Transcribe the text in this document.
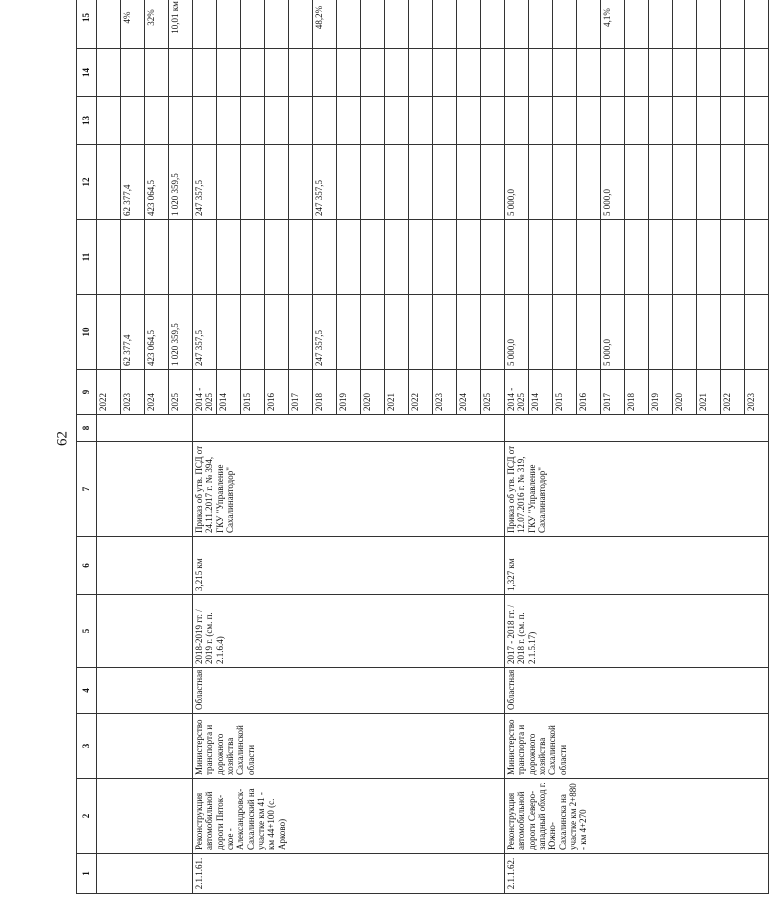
62
1	2	3	4	5	6	7	8	9	10	11	12	13	14	15
								2022						
								2023	62 377,4		62 377,4			4%
								2024	423 064,5		423 064,5			32%
								2025	1 020 359,5		1 020 359,5			10,01 км
2.1.1.61.	Реконструкция автомобильной дороги Пяток-ское - Александровск-Сахалинский на участке км 41 - км 44+100 (с. Арково)	Министерство транспорта и дорожного хозяйства Сахалинской области	Областная	2018-2019 гг. / 2019 г. (см. п. 2.1.6.4)	3,215 км	Приказ об утв. ПСД от 24.11.2017 г. № 394, ГКУ "Управление Сахалинавтодор"		2014 - 2025	247 357,5		247 357,5			
								2014						
								2015						
								2016						
								2017						
								2018	247 357,5		247 357,5			48,2%
								2019						
								2020						
								2021						
								2022						
								2023						
								2024						
								2025						
2.1.1.62.	Реконструкция автомобильной дороги Северо-западный обход г. Южно-Сахалинска на участке км 2+880 - км 4+270	Министерство транспорта и дорожного хозяйства Сахалинской области	Областная	2017 - 2018 гг. / 2018 г. (см. п. 2.1.5.17)	1,327 км	Приказ об утв. ПСД от 12.07.2016 г. № 319, ГКУ "Управление Сахалинавтодор"		2014 - 2025	5 000,0		5 000,0			
								2014						
								2015						
								2016						
								2017	5 000,0		5 000,0			4,1%
								2018						
								2019						
								2020						
								2021						
								2022						
								2023						
